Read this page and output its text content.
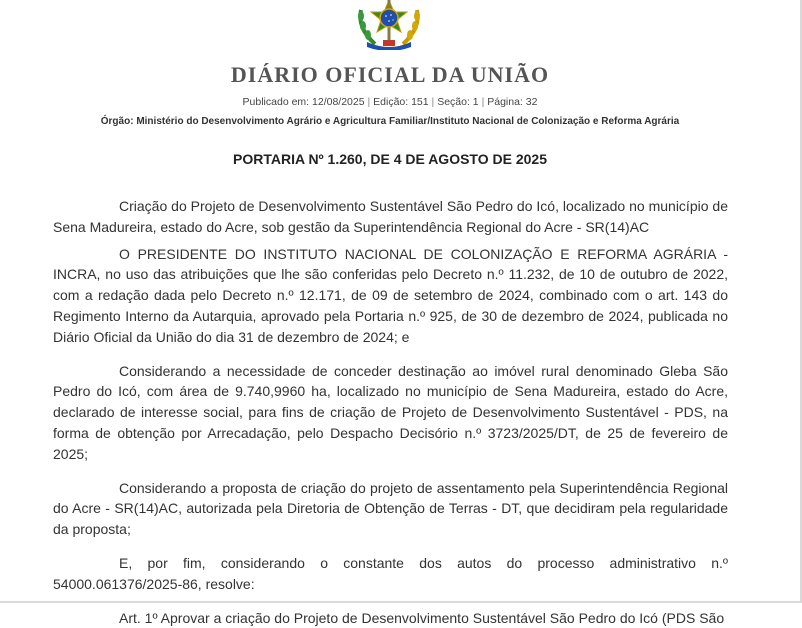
DIÁRIO OFICIAL DA UNIÃO
Publicado em: 12/08/2025 | Edição: 151 | Seção: 1 | Página: 32
Órgão: Ministério do Desenvolvimento Agrário e Agricultura Familiar/Instituto Nacional de Colonização e Reforma Agrária
PORTARIA Nº 1.260, DE 4 DE AGOSTO DE 2025

Criação do Projeto de Desenvolvimento Sustentável São Pedro do Icó, localizado no município de Sena Madureira, estado do Acre, sob gestão da Superintendência Regional do Acre - SR(14)AC

O PRESIDENTE DO INSTITUTO NACIONAL DE COLONIZAÇÃO E REFORMA AGRÁRIA - INCRA, no uso das atribuições que lhe são conferidas pelo Decreto n.º 11.232, de 10 de outubro de 2022, com a redação dada pelo Decreto n.º 12.171, de 09 de setembro de 2024, combinado com o art. 143 do Regimento Interno da Autarquia, aprovado pela Portaria n.º 925, de 30 de dezembro de 2024, publicada no Diário Oficial da União do dia 31 de dezembro de 2024; e

Considerando a necessidade de conceder destinação ao imóvel rural denominado Gleba São Pedro do Icó, com área de 9.740,9960 ha, localizado no município de Sena Madureira, estado do Acre, declarado de interesse social, para fins de criação de Projeto de Desenvolvimento Sustentável - PDS, na forma de obtenção por Arrecadação, pelo Despacho Decisório n.º 3723/2025/DT, de 25 de fevereiro de 2025;

Considerando a proposta de criação do projeto de assentamento pela Superintendência Regional do Acre - SR(14)AC, autorizada pela Diretoria de Obtenção de Terras - DT, que decidiram pela regularidade da proposta;

E, por fim, considerando o constante dos autos do processo administrativo n.º 54000.061376/2025-86, resolve:

Art. 1º Aprovar a criação do Projeto de Desenvolvimento Sustentável São Pedro do Icó (PDS São
